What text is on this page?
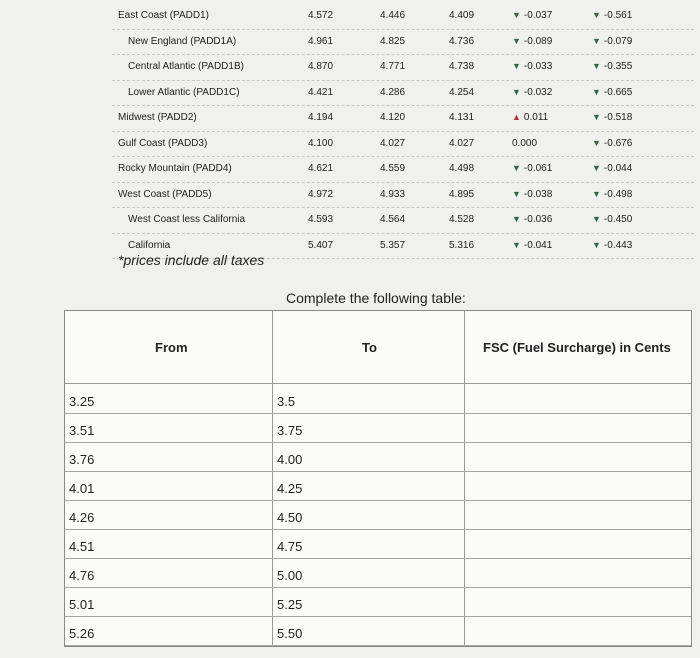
East Coast (PADD1)	4.572	4.446	4.409	▼ -0.037	▼ -0.561
New England (PADD1A)	4.961	4.825	4.736	▼ -0.089	▼ -0.079
Central Atlantic (PADD1B)	4.870	4.771	4.738	▼ -0.033	▼ -0.355
Lower Atlantic (PADD1C)	4.421	4.286	4.254	▼ -0.032	▼ -0.665
Midwest (PADD2)	4.194	4.120	4.131	▲ 0.011	▼ -0.518
Gulf Coast (PADD3)	4.100	4.027	4.027	0.000	▼ -0.676
Rocky Mountain (PADD4)	4.621	4.559	4.498	▼ -0.061	▼ -0.044
West Coast (PADD5)	4.972	4.933	4.895	▼ -0.038	▼ -0.498
West Coast less California	4.593	4.564	4.528	▼ -0.036	▼ -0.450
California	5.407	5.357	5.316	▼ -0.041	▼ -0.443
*prices include all taxes
Complete the following table:
From	To	FSC (Fuel Surcharge) in Cents
3.25	3.5
3.51	3.75
3.76	4.00
4.01	4.25
4.26	4.50
4.51	4.75
4.76	5.00
5.01	5.25
5.26	5.50
